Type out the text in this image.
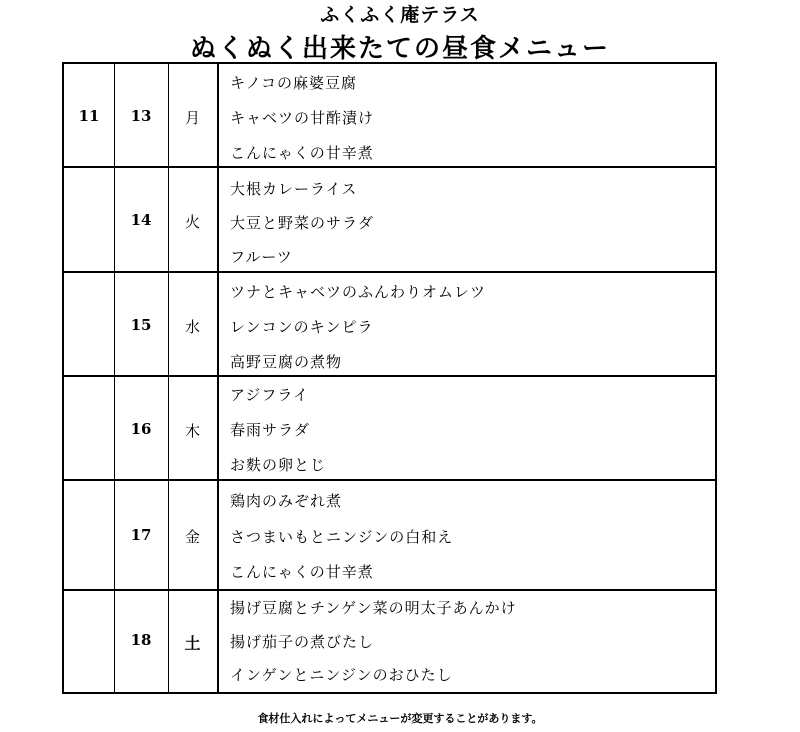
ふくふく庵テラス
ぬくぬく出来たての昼食メニュー
11	13	月
キノコの麻婆豆腐
キャベツの甘酢漬け
こんにゃくの甘辛煮
14	火
大根カレーライス
大豆と野菜のサラダ
フルーツ
15	水
ツナとキャベツのふんわりオムレツ
レンコンのキンピラ
高野豆腐の煮物
16	木
アジフライ
春雨サラダ
お麩の卵とじ
17	金
鶏肉のみぞれ煮
さつまいもとニンジンの白和え
こんにゃくの甘辛煮
18	土
揚げ豆腐とチンゲン菜の明太子あんかけ
揚げ茄子の煮びたし
インゲンとニンジンのおひたし
食材仕入れによってメニューが変更することがあります。
